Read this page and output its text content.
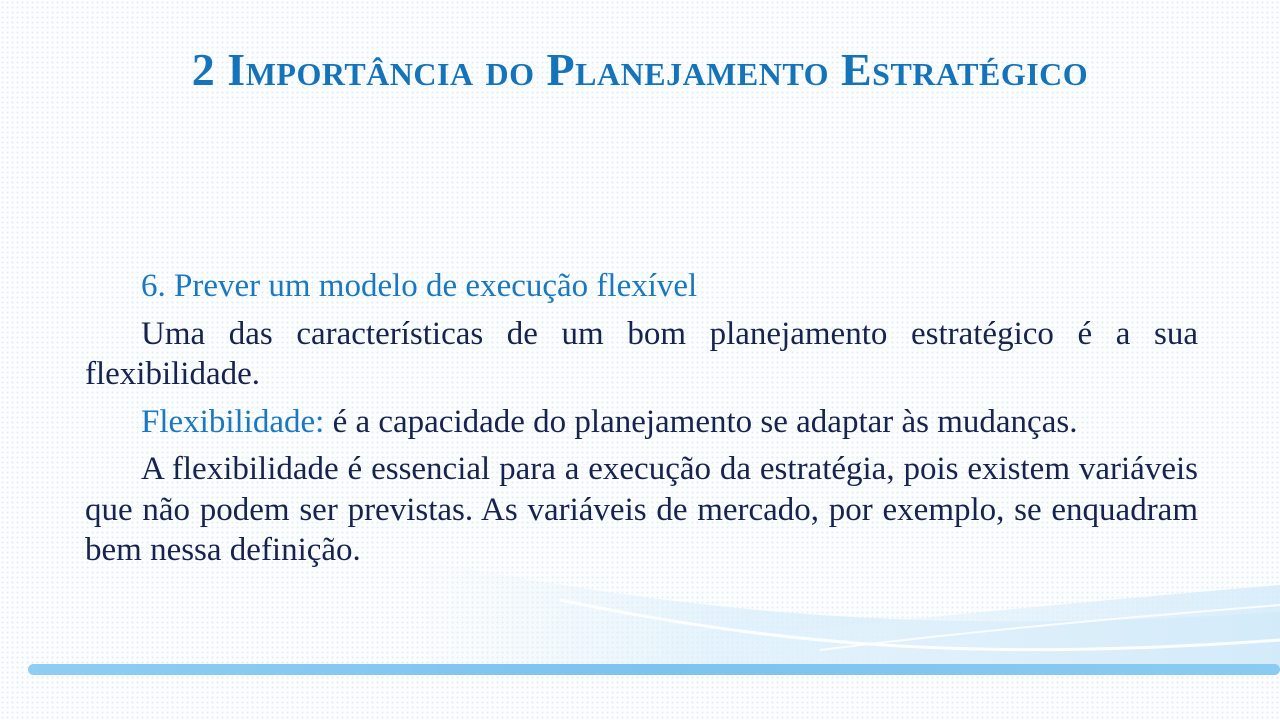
2 Importância do Planejamento Estratégico

6. Prever um modelo de execução flexível

Uma das características de um bom planejamento estratégico é a sua flexibilidade.

Flexibilidade: é a capacidade do planejamento se adaptar às mudanças.

A flexibilidade é essencial para a execução da estratégia, pois existem variáveis que não podem ser previstas. As variáveis de mercado, por exemplo, se enquadram bem nessa definição.
